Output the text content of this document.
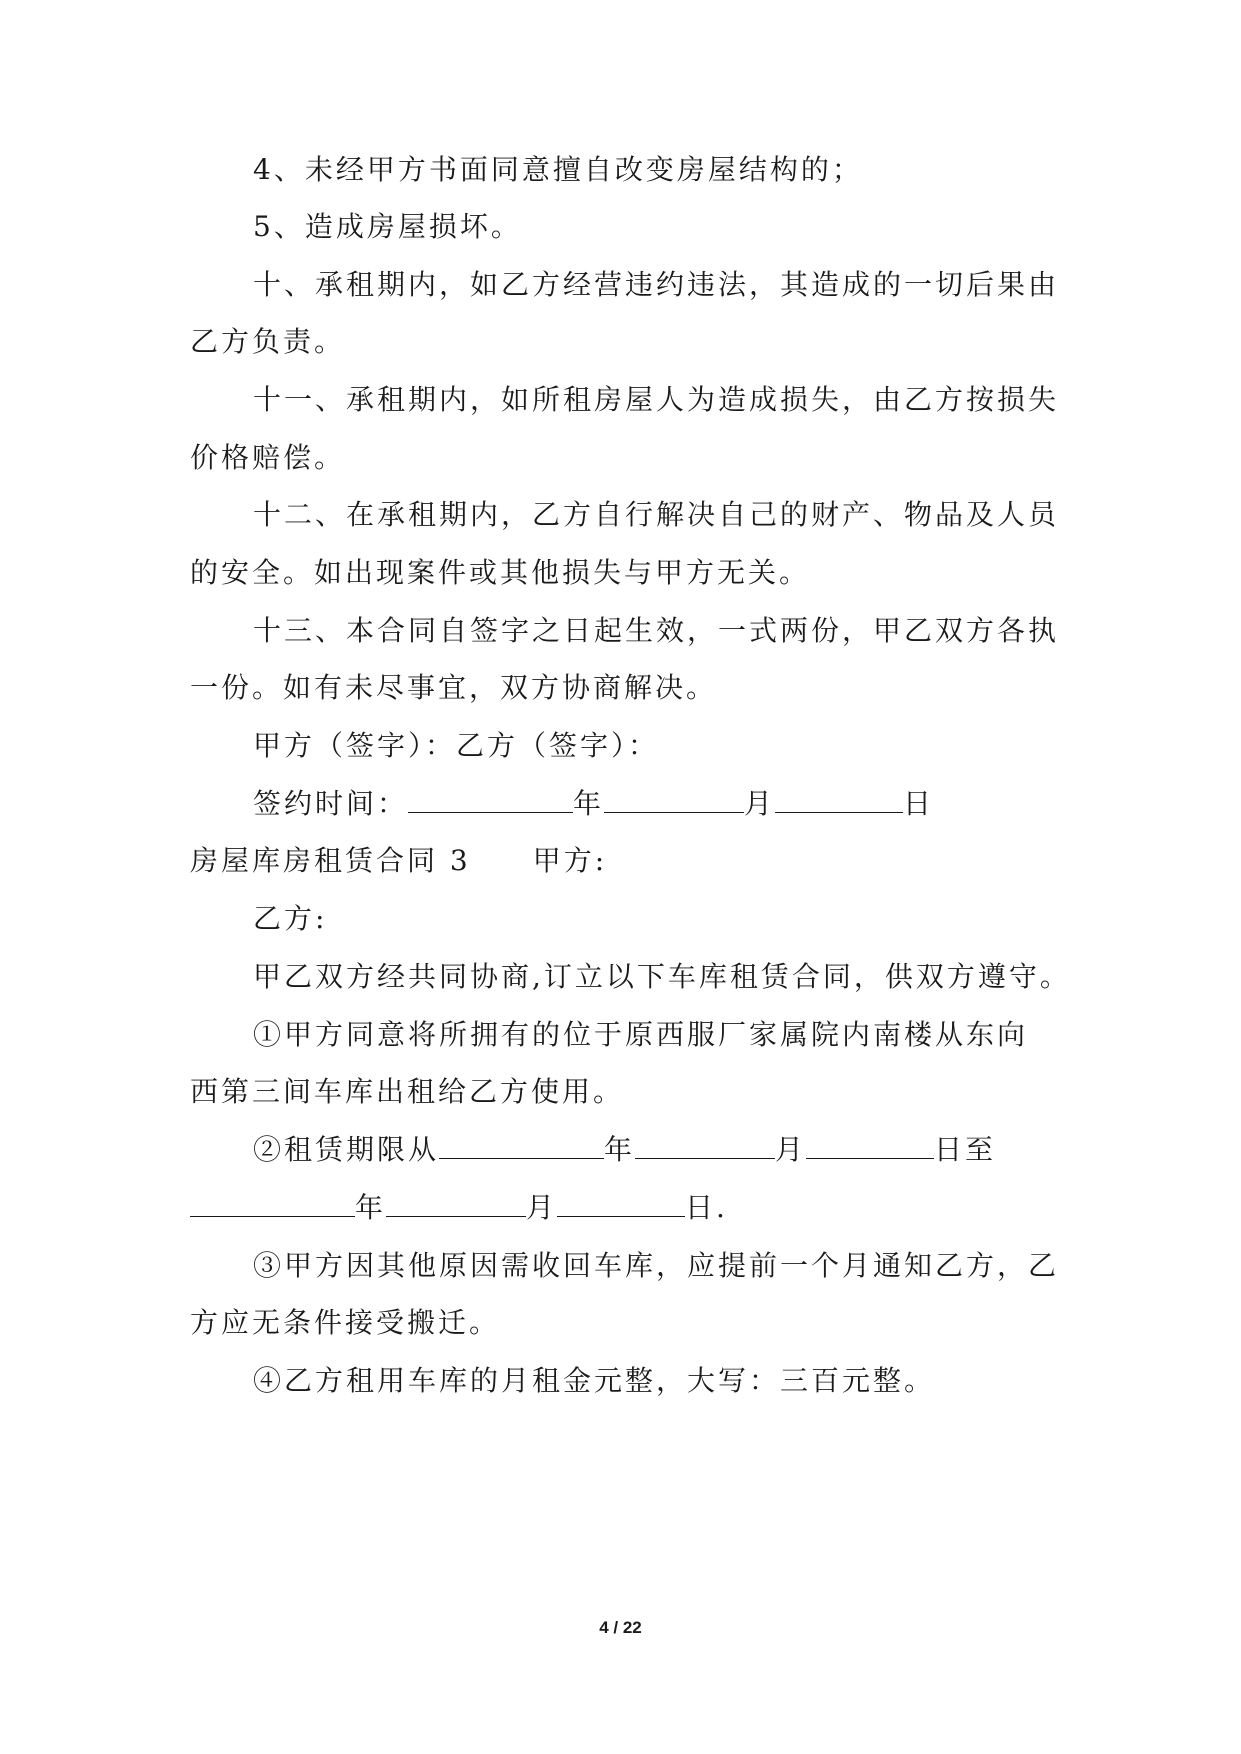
4、未经甲方书面同意擅自改变房屋结构的；
5、造成房屋损坏。
十、承租期内，如乙方经营违约违法，其造成的一切后果由
乙方负责。
十一、承租期内，如所租房屋人为造成损失，由乙方按损失
价格赔偿。
十二、在承租期内，乙方自行解决自己的财产、物品及人员
的安全。如出现案件或其他损失与甲方无关。
十三、本合同自签字之日起生效，一式两份，甲乙双方各执
一份。如有未尽事宜，双方协商解决。
甲方（签字）：乙方（签字）：
签约时间：	年	月	日
房屋库房租赁合同 3 甲方:
乙方:
甲乙双方经共同协商,订立以下车库租赁合同，供双方遵守。
①甲方同意将所拥有的位于原西服厂家属院内南楼从东向
西第三间车库出租给乙方使用。
②租赁期限从	年	月	日至
年	月	日.
③甲方因其他原因需收回车库，应提前一个月通知乙方，乙
方应无条件接受搬迁。
④乙方租用车库的月租金元整，大写：三百元整。
4 / 22
